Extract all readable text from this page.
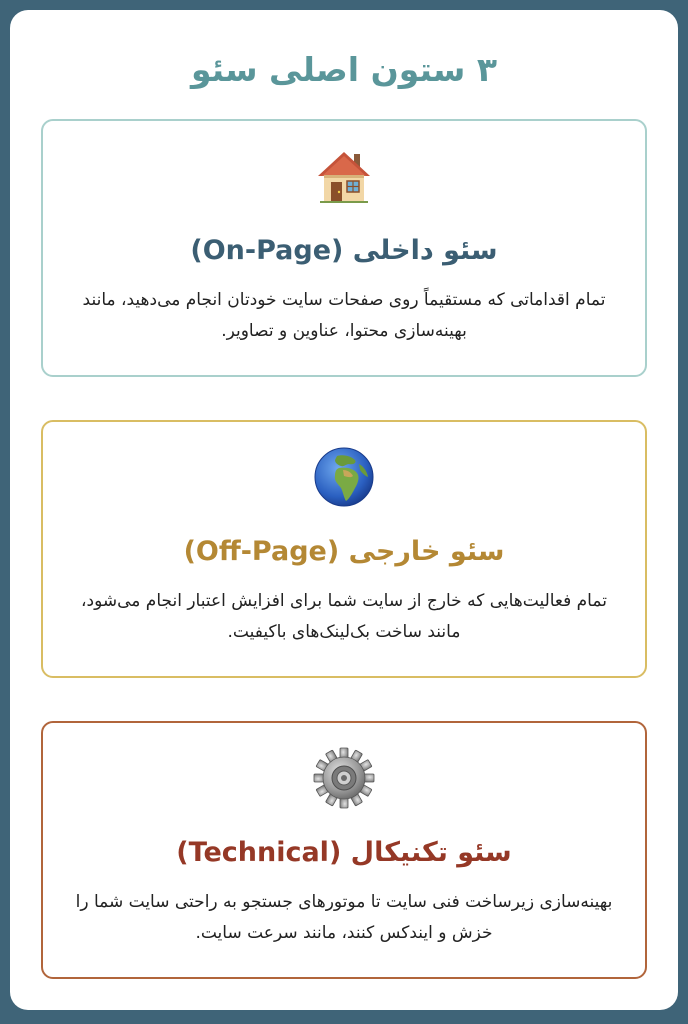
۳ ستون اصلی سئو
سئو داخلی (On-Page)
تمام اقداماتی که مستقیماً روی صفحات سایت خودتان انجام می‌دهید، مانند بهینه‌سازی محتوا، عناوین و تصاویر.
سئو خارجی (Off-Page)
تمام فعالیت‌هایی که خارج از سایت شما برای افزایش اعتبار انجام می‌شود، مانند ساخت بک‌لینک‌های باکیفیت.
سئو تکنیکال (Technical)
بهینه‌سازی زیرساخت فنی سایت تا موتورهای جستجو به راحتی سایت شما را خزش و ایندکس کنند، مانند سرعت سایت.
